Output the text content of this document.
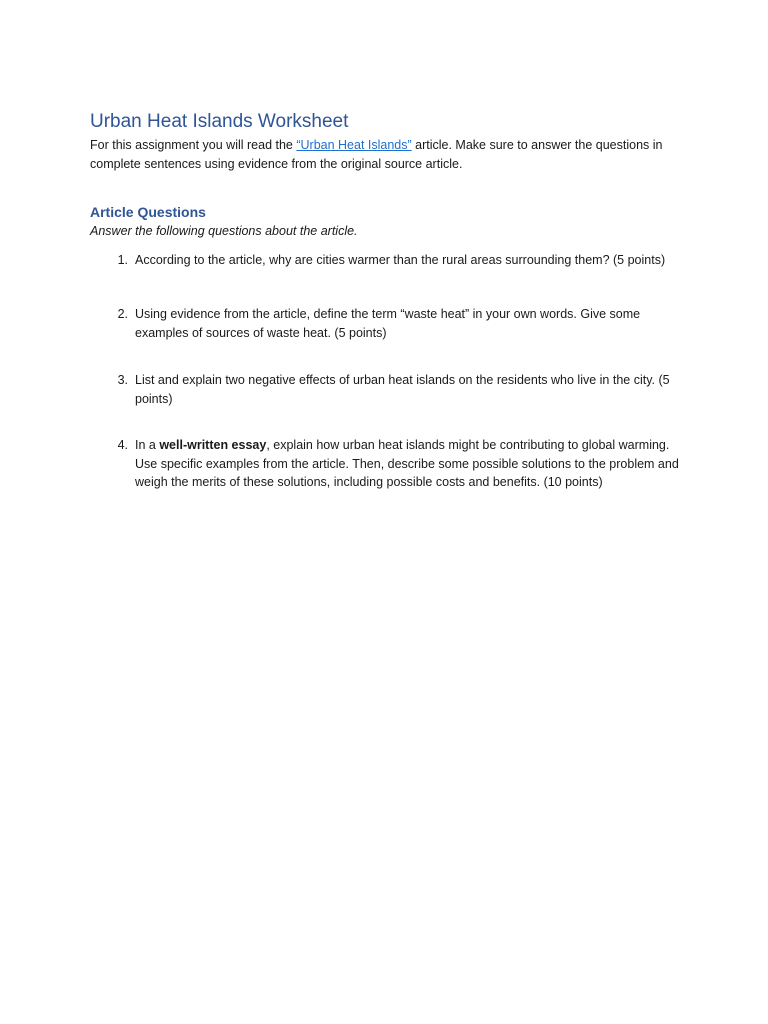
Urban Heat Islands Worksheet

For this assignment you will read the “Urban Heat Islands” article. Make sure to answer the questions in complete sentences using evidence from the original source article.

Article Questions

Answer the following questions about the article.

1. According to the article, why are cities warmer than the rural areas surrounding them? (5 points)
2. Using evidence from the article, define the term “waste heat” in your own words. Give some examples of sources of waste heat. (5 points)
3. List and explain two negative effects of urban heat islands on the residents who live in the city. (5 points)
4. In a well-written essay, explain how urban heat islands might be contributing to global warming. Use specific examples from the article. Then, describe some possible solutions to the problem and weigh the merits of these solutions, including possible costs and benefits. (10 points)
